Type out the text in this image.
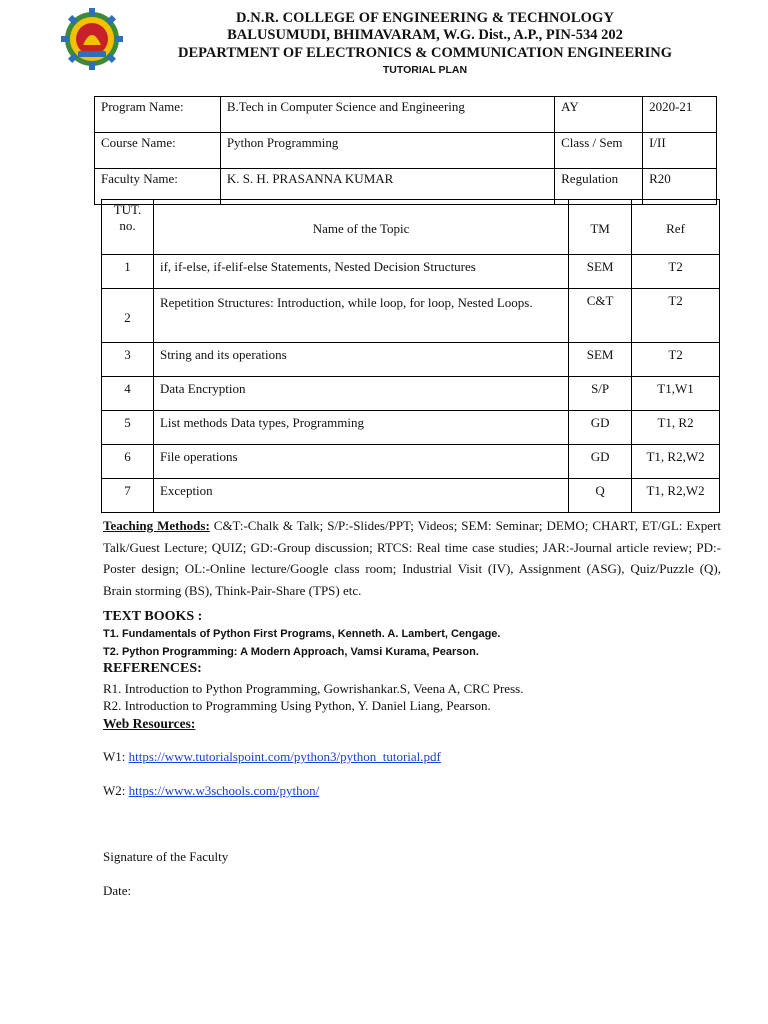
D.N.R. COLLEGE OF ENGINEERING & TECHNOLOGY
BALUSUMUDI, BHIMAVARAM, W.G. Dist., A.P., PIN-534 202
DEPARTMENT OF ELECTRONICS & COMMUNICATION ENGINEERING
TUTORIAL PLAN
Program Name:	B.Tech in Computer Science and Engineering	AY	2020-21
Course Name:	Python Programming	Class / Sem	I/II
Faculty Name:	K. S. H. PRASANNA KUMAR	Regulation	R20
TUT. no.	Name of the Topic	TM	Ref
1	if, if-else, if-elif-else Statements, Nested Decision Structures	SEM	T2
2	Repetition Structures: Introduction, while loop, for loop, Nested Loops.	C&T	T2
3	String and its operations	SEM	T2
4	Data Encryption	S/P	T1,W1
5	List methods Data types, Programming	GD	T1, R2
6	File operations	GD	T1, R2,W2
7	Exception	Q	T1, R2,W2
Teaching Methods: C&T:-Chalk & Talk; S/P:-Slides/PPT; Videos; SEM: Seminar; DEMO; CHART, ET/GL: Expert Talk/Guest Lecture; QUIZ; GD:-Group discussion; RTCS: Real time case studies; JAR:-Journal article review; PD:-Poster design; OL:-Online lecture/Google class room; Industrial Visit (IV), Assignment (ASG), Quiz/Puzzle (Q), Brain storming (BS), Think-Pair-Share (TPS) etc.
TEXT BOOKS :
T1. Fundamentals of Python First Programs, Kenneth. A. Lambert, Cengage.
T2. Python Programming: A Modern Approach, Vamsi Kurama, Pearson.
REFERENCES:
R1. Introduction to Python Programming, Gowrishankar.S, Veena A, CRC Press.
R2. Introduction to Programming Using Python, Y. Daniel Liang, Pearson.
Web Resources:
W1: https://www.tutorialspoint.com/python3/python_tutorial.pdf
W2: https://www.w3schools.com/python/
Signature of the Faculty
Date:
